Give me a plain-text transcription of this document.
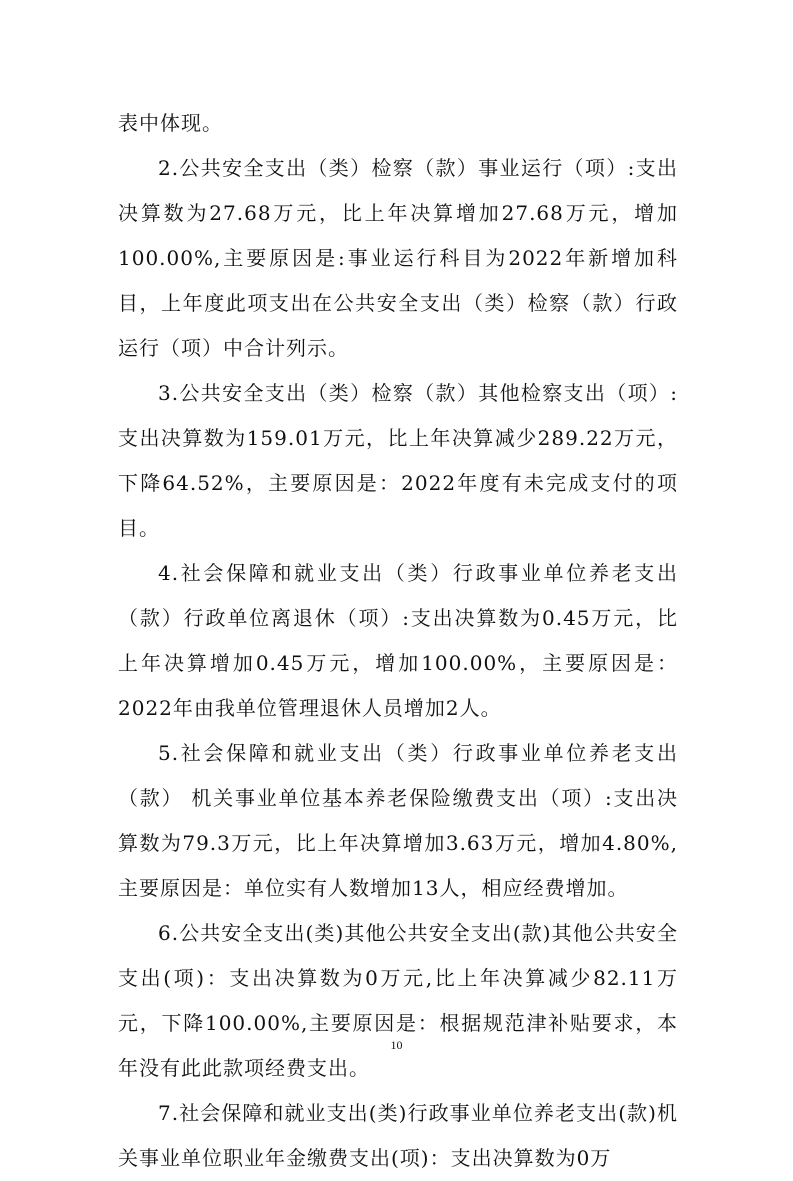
表中体现。

2.公共安全支出（类）检察（款）事业运行（项）:支出决算数为27.68万元，比上年决算增加27.68万元，增加100.00%,主要原因是:事业运行科目为2022年新增加科目，上年度此项支出在公共安全支出（类）检察（款）行政运行（项）中合计列示。

3.公共安全支出（类）检察（款）其他检察支出（项）:支出决算数为159.01万元，比上年决算减少289.22万元，下降64.52%，主要原因是：2022年度有未完成支付的项目。

4.社会保障和就业支出（类）行政事业单位养老支出（款）行政单位离退休（项）:支出决算数为0.45万元，比上年决算增加0.45万元，增加100.00%，主要原因是：2022年由我单位管理退休人员增加2人。

5.社会保障和就业支出（类）行政事业单位养老支出（款） 机关事业单位基本养老保险缴费支出（项）:支出决算数为79.3万元，比上年决算增加3.63万元，增加4.80%,主要原因是：单位实有人数增加13人，相应经费增加。

6.公共安全支出(类)其他公共安全支出(款)其他公共安全支出(项)：支出决算数为0万元,比上年决算减少82.11万元，下降100.00%,主要原因是：根据规范津补贴要求，本年没有此此款项经费支出。

7.社会保障和就业支出(类)行政事业单位养老支出(款)机关事业单位职业年金缴费支出(项)：支出决算数为0万

10
